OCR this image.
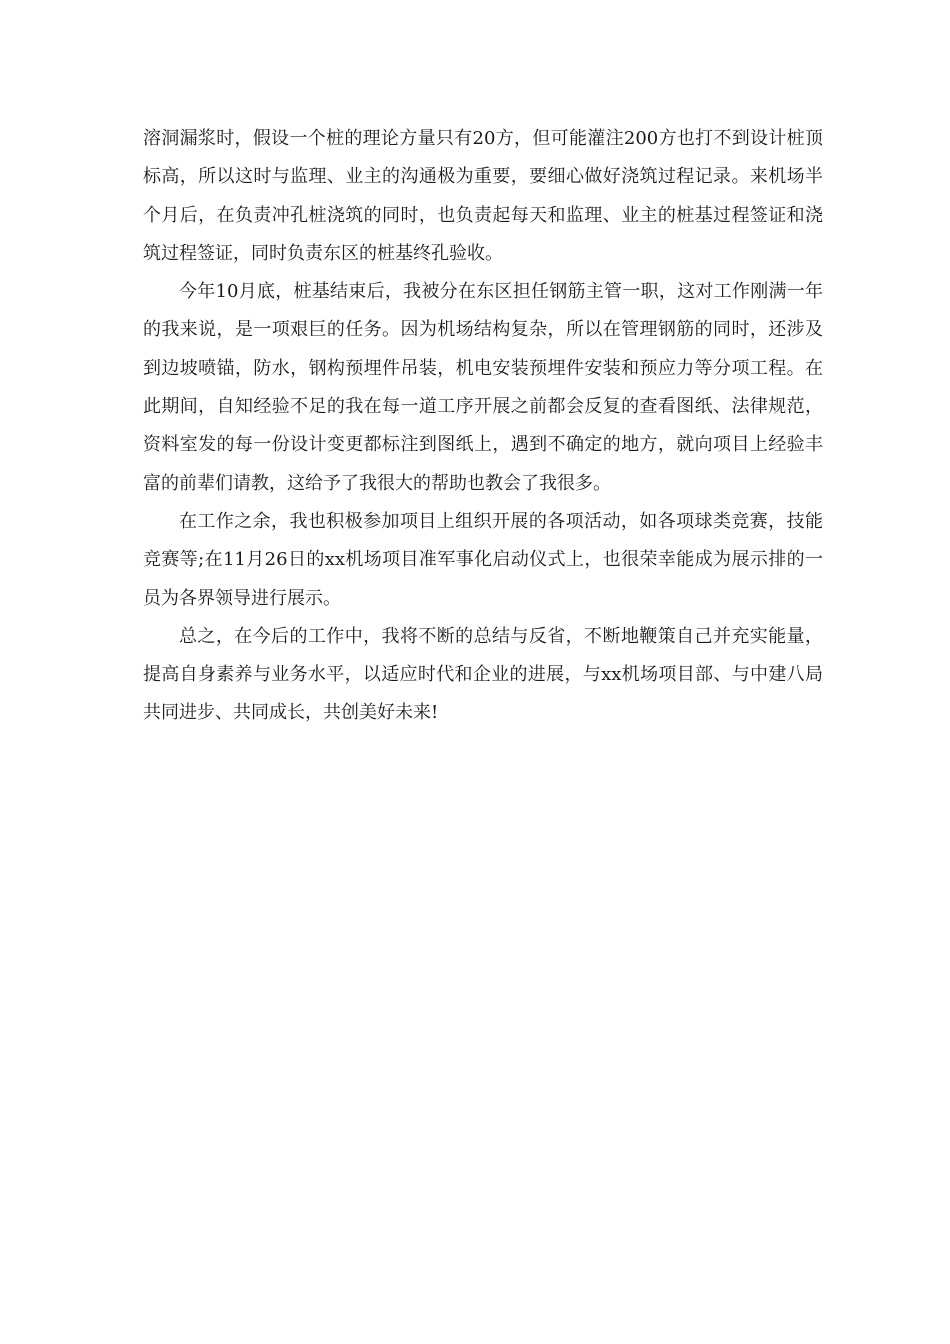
溶洞漏浆时，假设一个桩的理论方量只有20方，但可能灌注200方也打不到设计桩顶标高，所以这时与监理、业主的沟通极为重要，要细心做好浇筑过程记录。来机场半个月后，在负责冲孔桩浇筑的同时，也负责起每天和监理、业主的桩基过程签证和浇筑过程签证，同时负责东区的桩基终孔验收。

今年10月底，桩基结束后，我被分在东区担任钢筋主管一职，这对工作刚满一年的我来说，是一项艰巨的任务。因为机场结构复杂，所以在管理钢筋的同时，还涉及到边坡喷锚，防水，钢构预埋件吊装，机电安装预埋件安装和预应力等分项工程。在此期间，自知经验不足的我在每一道工序开展之前都会反复的查看图纸、法律规范，资料室发的每一份设计变更都标注到图纸上，遇到不确定的地方，就向项目上经验丰富的前辈们请教，这给予了我很大的帮助也教会了我很多。

在工作之余，我也积极参加项目上组织开展的各项活动，如各项球类竞赛，技能竞赛等;在11月26日的xx机场项目准军事化启动仪式上，也很荣幸能成为展示排的一员为各界领导进行展示。

总之，在今后的工作中，我将不断的总结与反省，不断地鞭策自己并充实能量，提高自身素养与业务水平，以适应时代和企业的进展，与xx机场项目部、与中建八局共同进步、共同成长，共创美好未来!
